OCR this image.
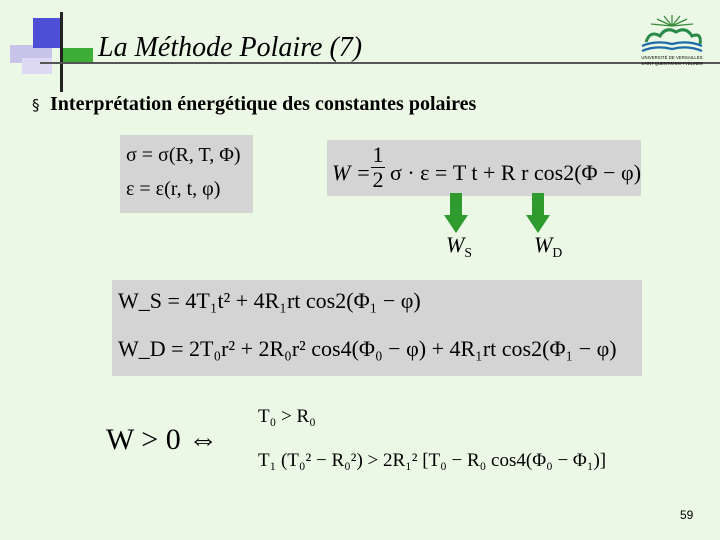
La Méthode Polaire (7)	UNIVERSITÉ DE VERSAILLES
SAINT-QUENTIN-EN-YVELINES
§ Interprétation énergétique des constantes polaires
σ = σ(R, T, Φ)
ε = ε(r, t, φ)
W =
1
2 σ · ε = T t + R r cos2(Φ − φ)
$W_S$	$W_D$
W_S = 4T₁t² + 4R₁rt cos2(Φ₁ − φ)
W_D = 2T₀r² + 2R₀r² cos4(Φ₀ − φ) + 4R₁rt cos2(Φ₁ − φ)
T₀ > R₀
W > 0 ⇔
T₁ (T₀² − R₀²) > 2R₁² [T₀ − R₀ cos4(Φ₀ − Φ₁)]
59
